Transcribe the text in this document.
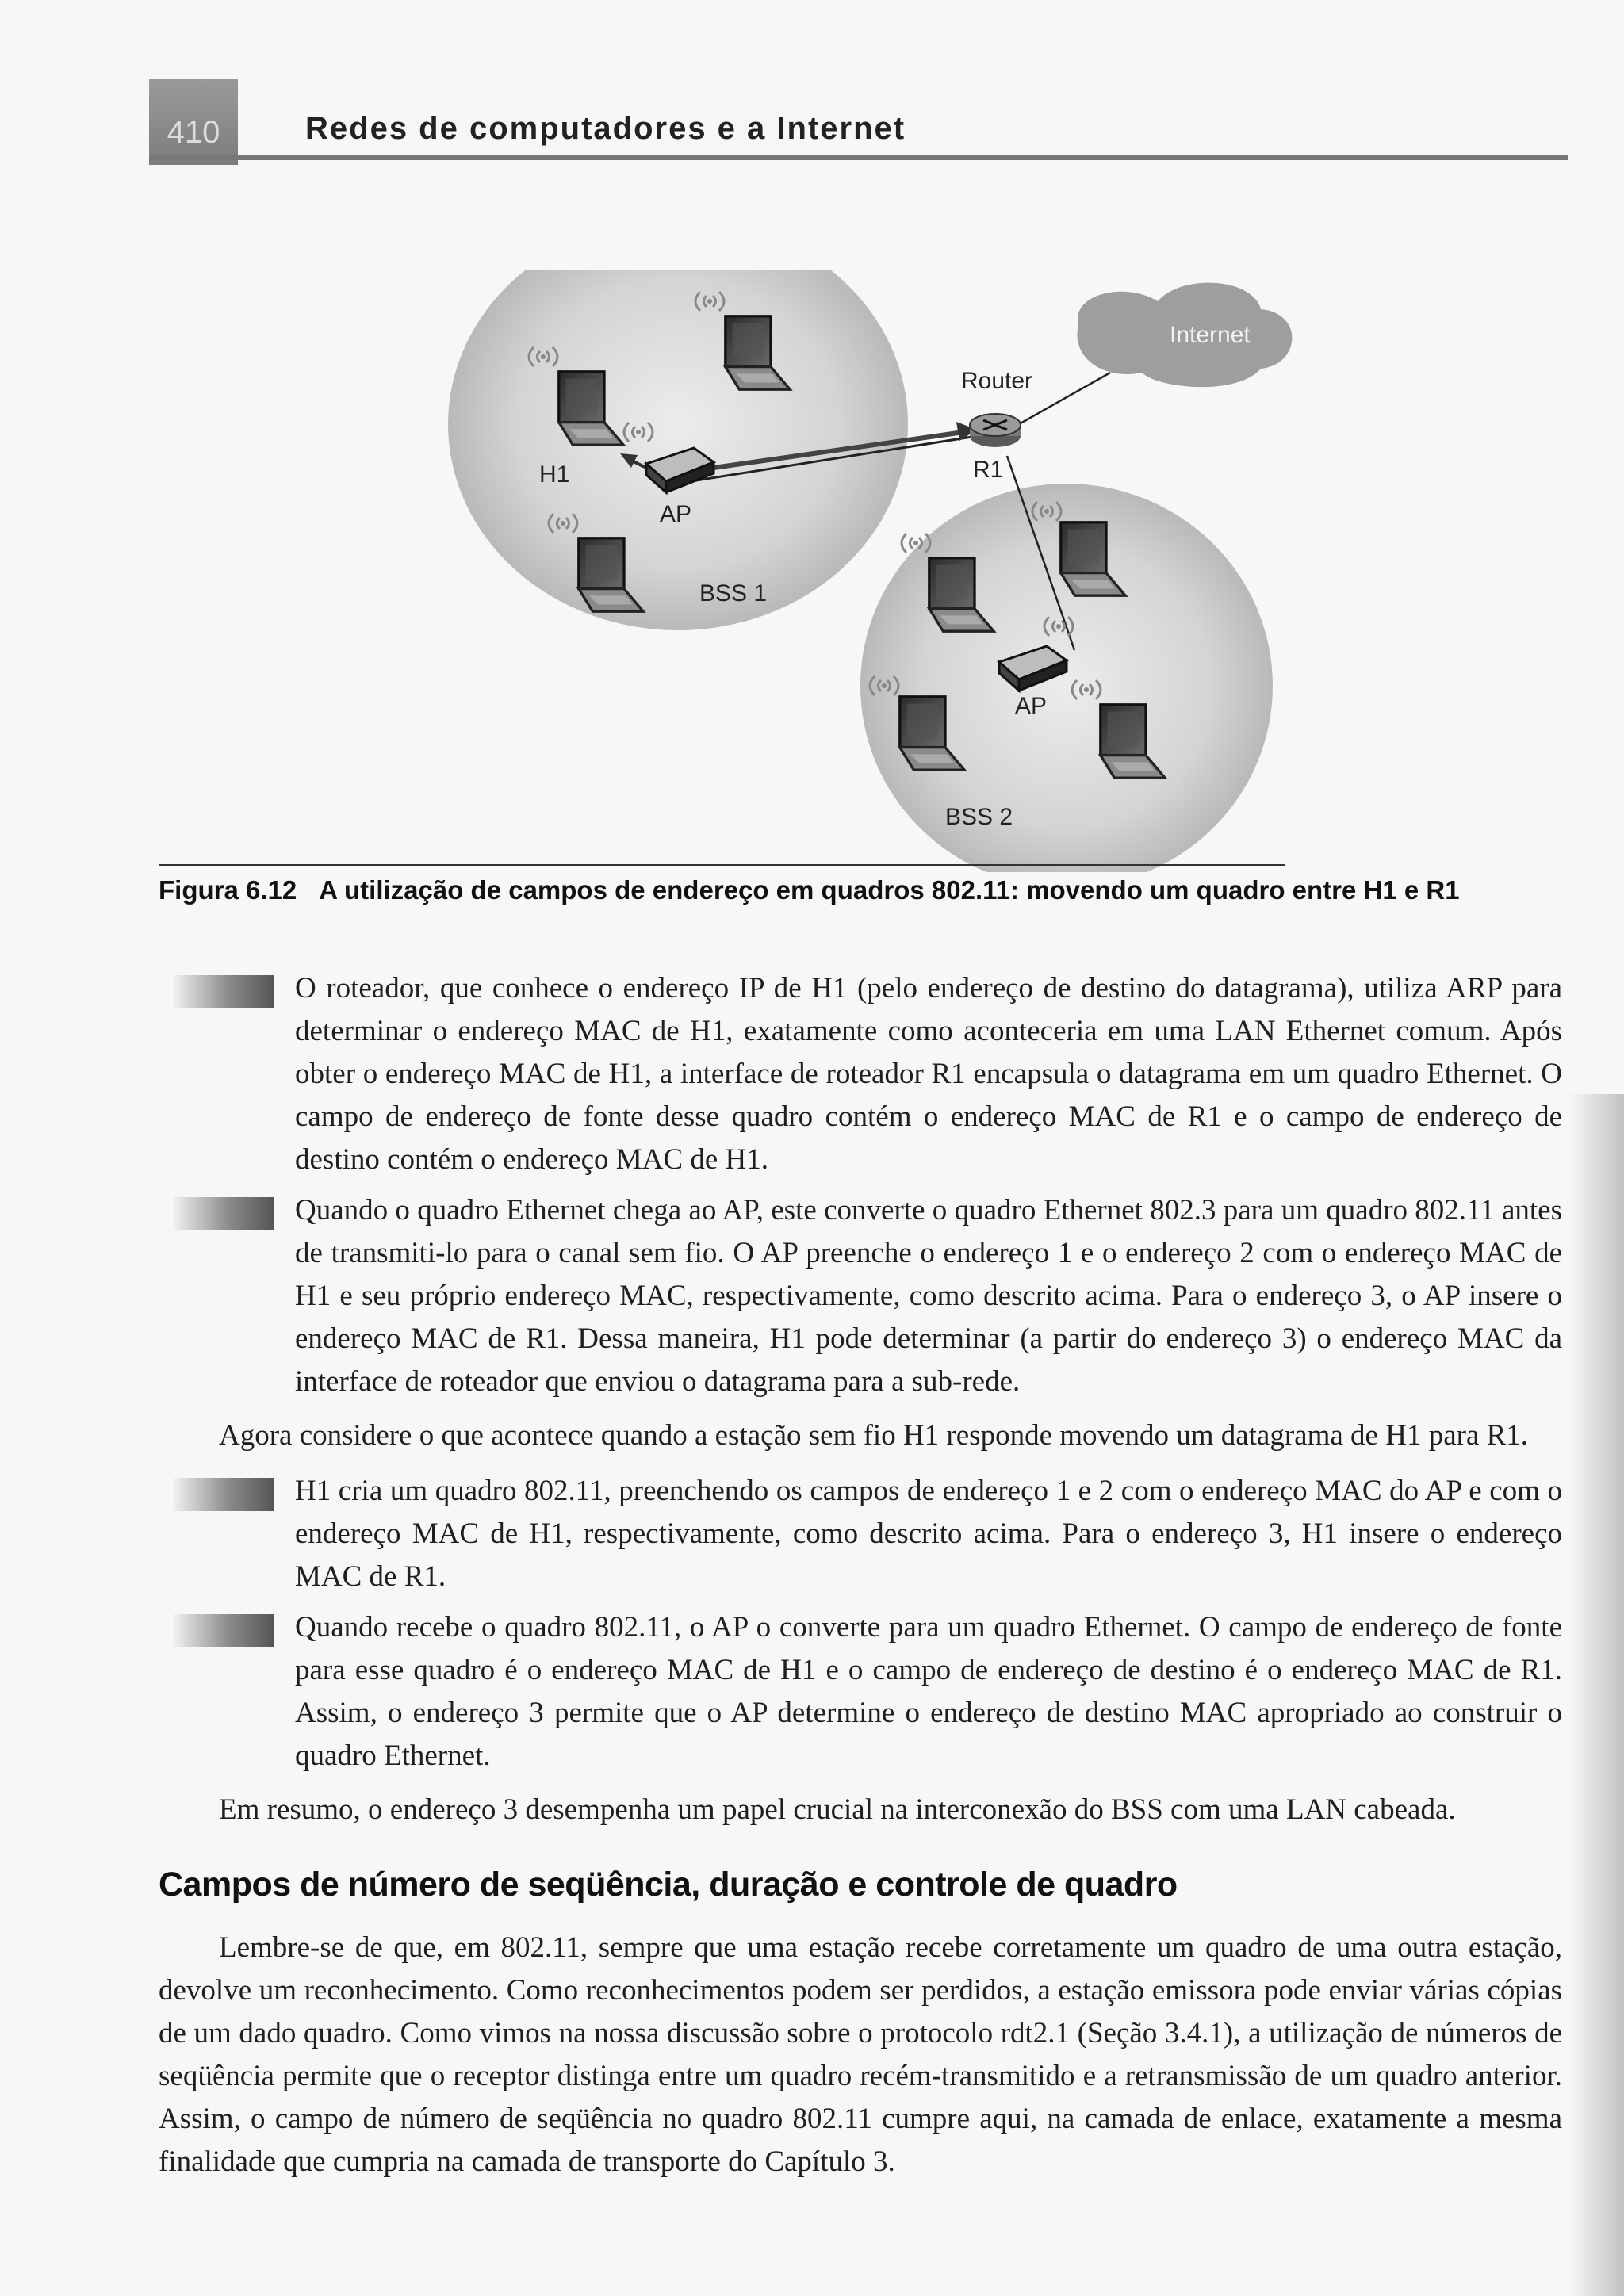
410	Redes de computadores e a Internet
Internet
Router
R1
H1
AP
BSS 1
AP
BSS 2
Figura 6.12 A utilização de campos de endereço em quadros 802.11: movendo um quadro entre H1 e R1
O roteador, que conhece o endereço IP de H1 (pelo endereço de destino do datagrama), utiliza ARP para determinar o endereço MAC de H1, exatamente como aconteceria em uma LAN Ethernet comum. Após obter o endereço MAC de H1, a interface de roteador R1 encapsula o datagrama em um quadro Ethernet. O campo de endereço de fonte desse quadro contém o endereço MAC de R1 e o campo de endereço de destino contém o endereço MAC de H1.
Quando o quadro Ethernet chega ao AP, este converte o quadro Ethernet 802.3 para um quadro 802.11 antes de transmiti-lo para o canal sem fio. O AP preenche o endereço 1 e o endereço 2 com o endereço MAC de H1 e seu próprio endereço MAC, respectivamente, como descrito acima. Para o endereço 3, o AP insere o endereço MAC de R1. Dessa maneira, H1 pode determinar (a partir do endereço 3) o endereço MAC da interface de roteador que enviou o datagrama para a sub-rede.

Agora considere o que acontece quando a estação sem fio H1 responde movendo um datagrama de H1 para R1.

H1 cria um quadro 802.11, preenchendo os campos de endereço 1 e 2 com o endereço MAC do AP e com o endereço MAC de H1, respectivamente, como descrito acima. Para o endereço 3, H1 insere o endereço MAC de R1.
Quando recebe o quadro 802.11, o AP o converte para um quadro Ethernet. O campo de endereço de fonte para esse quadro é o endereço MAC de H1 e o campo de endereço de destino é o endereço MAC de R1. Assim, o endereço 3 permite que o AP determine o endereço de destino MAC apropriado ao construir o quadro Ethernet.

Em resumo, o endereço 3 desempenha um papel crucial na interconexão do BSS com uma LAN cabeada.

Campos de número de seqüência, duração e controle de quadro

Lembre-se de que, em 802.11, sempre que uma estação recebe corretamente um quadro de uma outra estação, devolve um reconhecimento. Como reconhecimentos podem ser perdidos, a estação emissora pode enviar várias cópias de um dado quadro. Como vimos na nossa discussão sobre o protocolo rdt2.1 (Seção 3.4.1), a utilização de números de seqüência permite que o receptor distinga entre um quadro recém-transmitido e a retransmissão de um quadro anterior. Assim, o campo de número de seqüência no quadro 802.11 cumpre aqui, na camada de enlace, exatamente a mesma finalidade que cumpria na camada de transporte do Capítulo 3.
